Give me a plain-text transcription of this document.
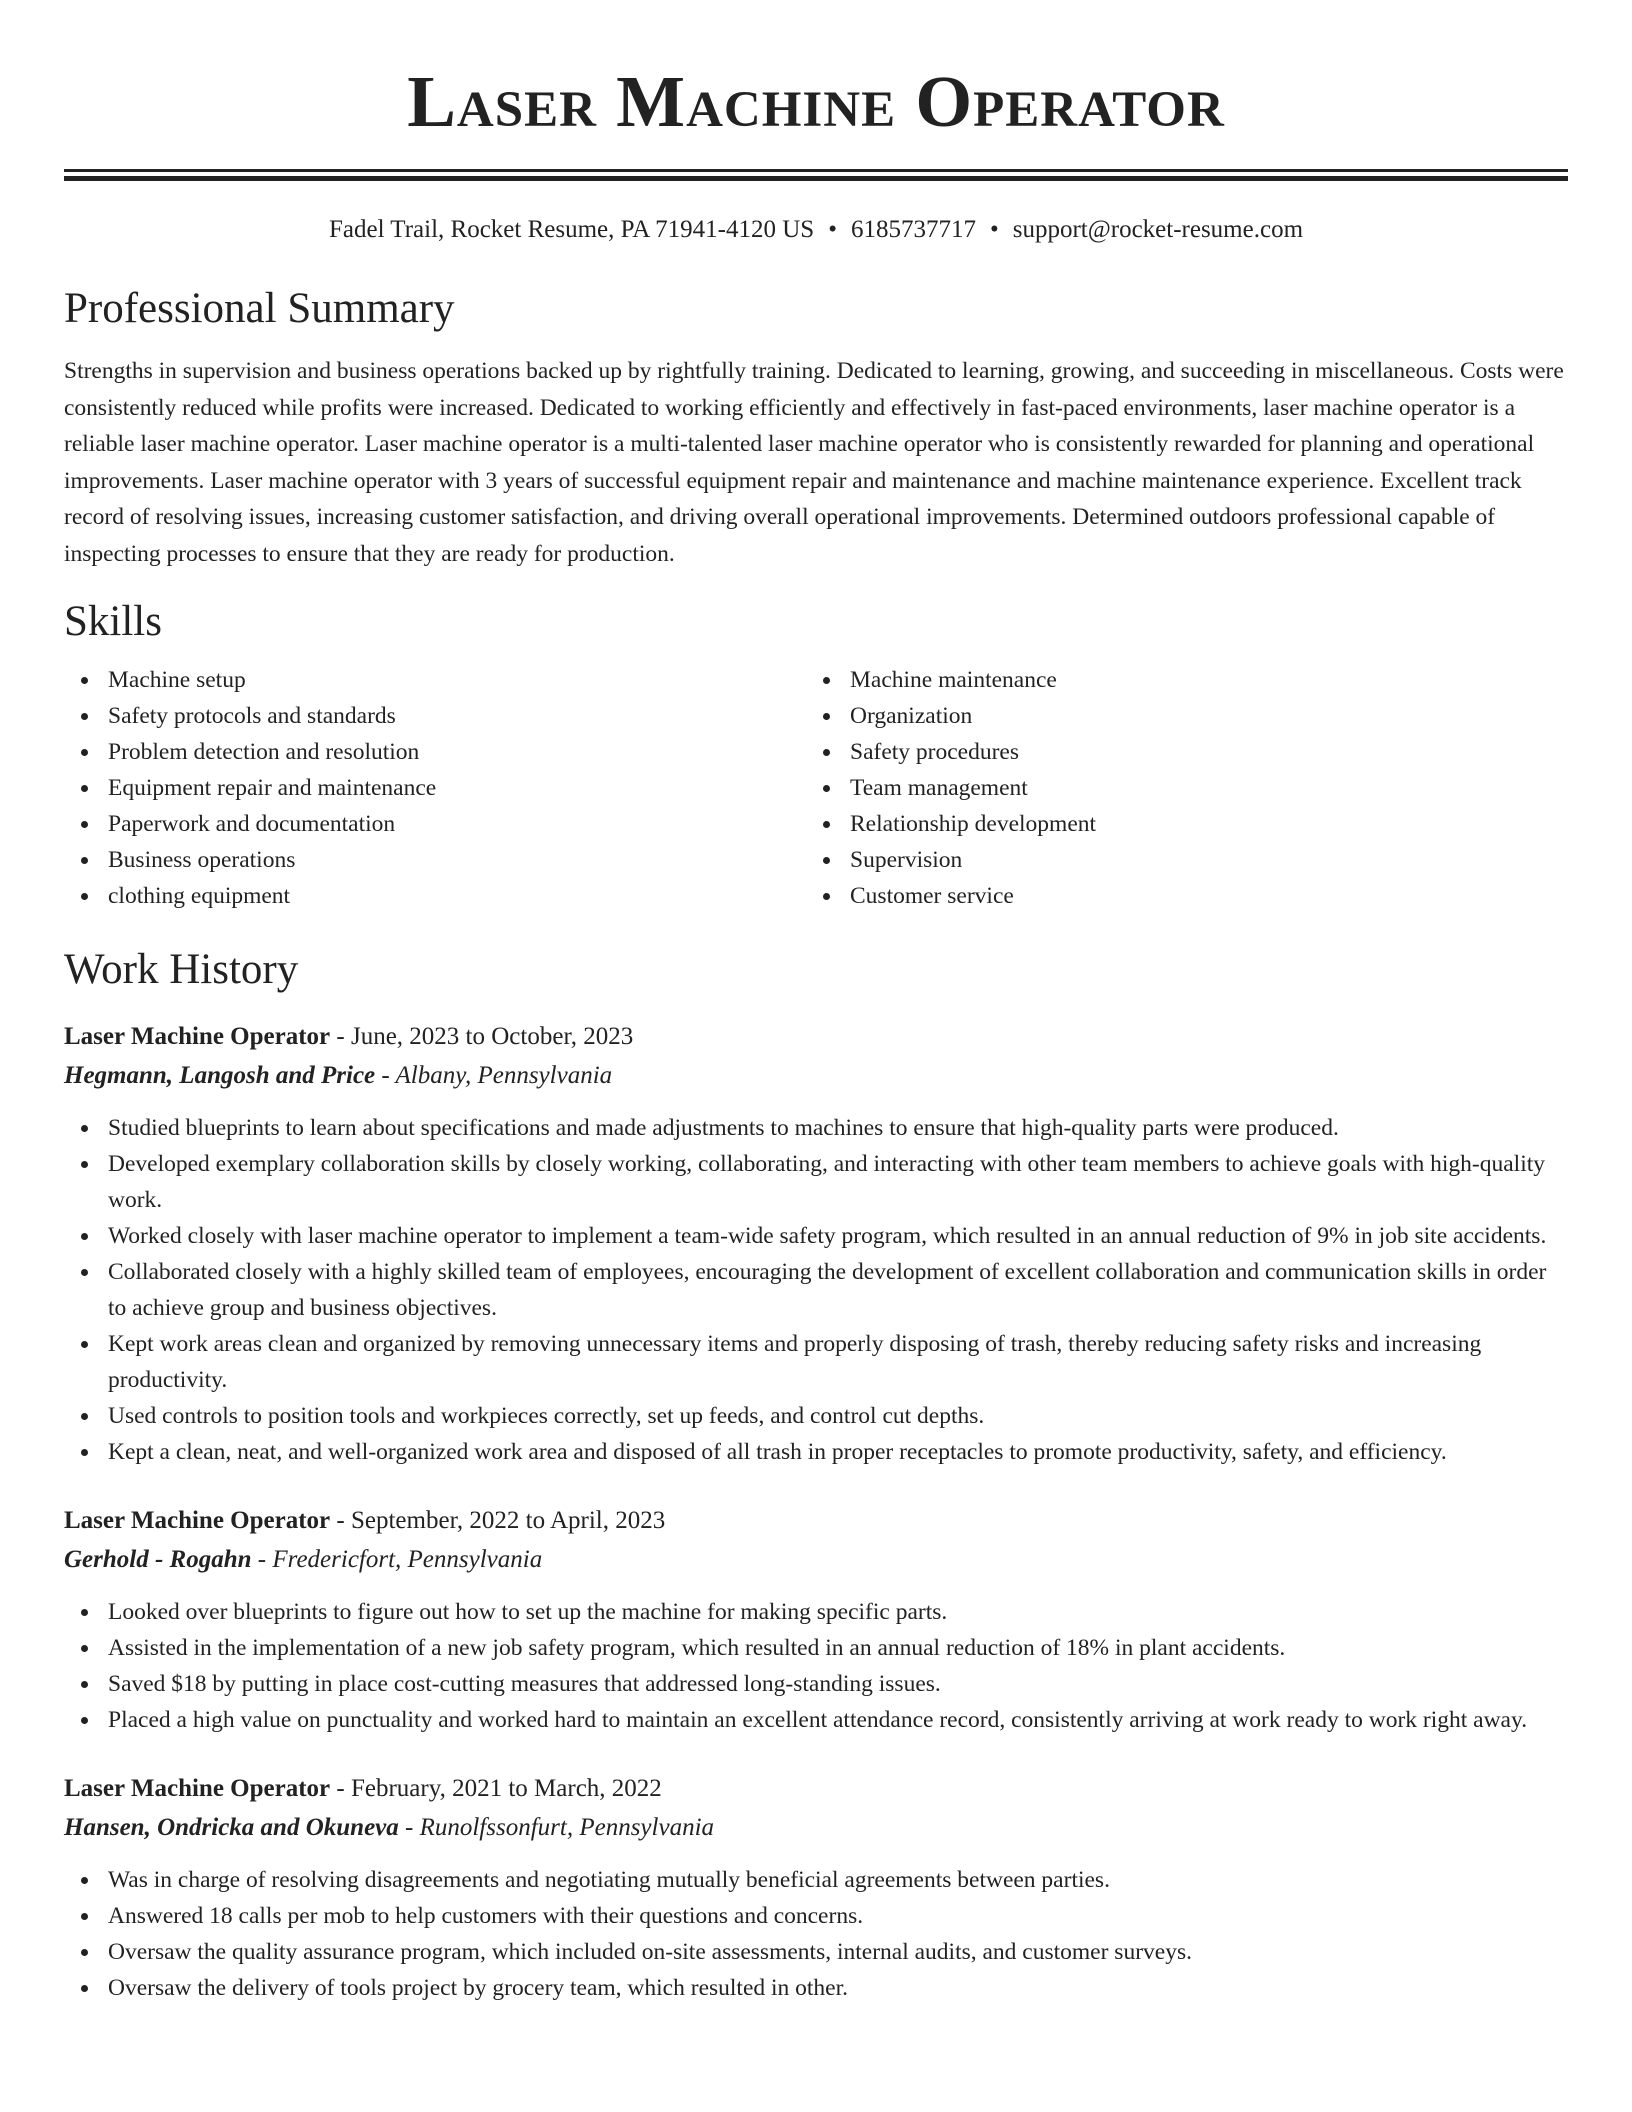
Laser Machine Operator
Fadel Trail, Rocket Resume, PA 71941-4120 US • 6185737717 • support@rocket-resume.com
Professional Summary

Strengths in supervision and business operations backed up by rightfully training. Dedicated to learning, growing, and succeeding in miscellaneous. Costs were consistently reduced while profits were increased. Dedicated to working efficiently and effectively in fast-paced environments, laser machine operator is a reliable laser machine operator. Laser machine operator is a multi-talented laser machine operator who is consistently rewarded for planning and operational improvements. Laser machine operator with 3 years of successful equipment repair and maintenance and machine maintenance experience. Excellent track record of resolving issues, increasing customer satisfaction, and driving overall operational improvements. Determined outdoors professional capable of inspecting processes to ensure that they are ready for production.

Skills
Machine setup
Safety protocols and standards
Problem detection and resolution
Equipment repair and maintenance
Paperwork and documentation
Business operations
clothing equipment
Machine maintenance
Organization
Safety procedures
Team management
Relationship development
Supervision
Customer service
Work History
Laser Machine Operator - June, 2023 to October, 2023
Hegmann, Langosh and Price - Albany, Pennsylvania
Studied blueprints to learn about specifications and made adjustments to machines to ensure that high-quality parts were produced.
Developed exemplary collaboration skills by closely working, collaborating, and interacting with other team members to achieve goals with high-quality work.
Worked closely with laser machine operator to implement a team-wide safety program, which resulted in an annual reduction of 9% in job site accidents.
Collaborated closely with a highly skilled team of employees, encouraging the development of excellent collaboration and communication skills in order to achieve group and business objectives.
Kept work areas clean and organized by removing unnecessary items and properly disposing of trash, thereby reducing safety risks and increasing productivity.
Used controls to position tools and workpieces correctly, set up feeds, and control cut depths.
Kept a clean, neat, and well-organized work area and disposed of all trash in proper receptacles to promote productivity, safety, and efficiency.
Laser Machine Operator - September, 2022 to April, 2023
Gerhold - Rogahn - Fredericfort, Pennsylvania
Looked over blueprints to figure out how to set up the machine for making specific parts.
Assisted in the implementation of a new job safety program, which resulted in an annual reduction of 18% in plant accidents.
Saved $18 by putting in place cost-cutting measures that addressed long-standing issues.
Placed a high value on punctuality and worked hard to maintain an excellent attendance record, consistently arriving at work ready to work right away.
Laser Machine Operator - February, 2021 to March, 2022
Hansen, Ondricka and Okuneva - Runolfssonfurt, Pennsylvania
Was in charge of resolving disagreements and negotiating mutually beneficial agreements between parties.
Answered 18 calls per mob to help customers with their questions and concerns.
Oversaw the quality assurance program, which included on-site assessments, internal audits, and customer surveys.
Oversaw the delivery of tools project by grocery team, which resulted in other.
